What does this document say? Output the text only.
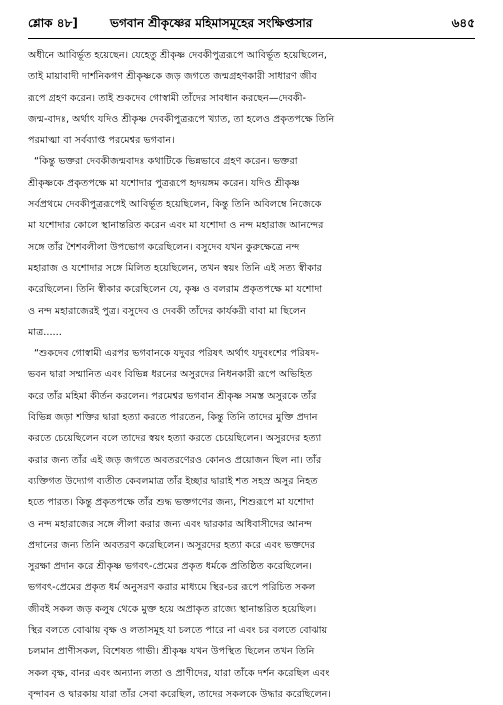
শ্লোক ৪৮]	ভগবান শ্রীকৃষ্ণের মহিমাসমূহের সংক্ষিপ্তসার	৬৪৫
অধীনে আবির্ভূত হয়েছেন। যেহেতু শ্রীকৃষ্ণ দেবকীপুত্ররূপে আবির্ভূত হয়েছিলেন,
তাই মায়াবাদী দার্শনিকগণ শ্রীকৃষ্ণকে জড় জগতে জন্মগ্রহণকারী সাধারণ জীব
রূপে গ্রহণ করেন। তাই শুকদেব গোস্বামী তাঁদের সাবধান করছেন—দেবকী-
জন্ম-বাদঃ, অর্থাৎ যদিও শ্রীকৃষ্ণ দেবকীপুত্ররূপে খ্যাত, তা হলেও প্রকৃতপক্ষে তিনি
পরমাত্মা বা সর্বব্যাপ্ত পরমেশ্বর ভগবান।
“কিন্তু ভক্তরা দেবকীজন্মবাদঃ কথাটিকে ভিন্নভাবে গ্রহণ করেন। ভক্তরা
শ্রীকৃষ্ণকে প্রকৃতপক্ষে মা যশোদার পুত্ররূপে হৃদয়ঙ্গম করেন। যদিও শ্রীকৃষ্ণ
সর্বপ্রথমে দেবকীপুত্ররূপেই আবির্ভূত হয়েছিলেন, কিন্তু তিনি অবিলম্বে নিজেকে
মা যশোদার কোলে স্থানান্তরিত করেন এবং মা যশোদা ও নন্দ মহারাজ আনন্দের
সঙ্গে তাঁর শৈশবলীলা উপভোগ করেছিলেন। বসুদেব যখন কুরুক্ষেত্রে নন্দ
মহারাজ ও যশোদার সঙ্গে মিলিত হয়েছিলেন, তখন স্বয়ং তিনি এই সত্য স্বীকার
করেছিলেন। তিনি স্বীকার করেছিলেন যে, কৃষ্ণ ও বলরাম প্রকৃতপক্ষে মা যশোদা
ও নন্দ মহারাজেরই পুত্র। বসুদেব ও দেবকী তাঁদের কার্যকরী বাবা মা ছিলেন
মাত্র......
“শুকদেব গোস্বামী এরপর ভগবানকে যদুবর পরিষৎ অর্থাৎ যদুবংশের পরিষদ-
ভবন দ্বারা সম্মানিত এবং বিভিন্ন ধরনের অসুরদের নিধনকারী রূপে অভিহিত
করে তাঁর মহিমা কীর্তন করলেন। পরমেশ্বর ভগবান শ্রীকৃষ্ণ সমস্ত অসুরকে তাঁর
বিভিন্ন জড়া শক্তির দ্বারা হত্যা করতে পারতেন, কিন্তু তিনি তাদের মুক্তি প্রদান
করতে চেয়েছিলেন বলে তাদের স্বয়ং হত্যা করতে চেয়েছিলেন। অসুরদের হত্যা
করার জন্য তাঁর এই জড় জগতে অবতরণেরও কোনও প্রয়োজন ছিল না। তাঁর
ব্যক্তিগত উদ্যোগ ব্যতীত কেবলমাত্র তাঁর ইচ্ছার দ্বারাই শত সহস্র অসুর নিহত
হতে পারত। কিন্তু প্রকৃতপক্ষে তাঁর শুদ্ধ ভক্তগণের জন্য, শিশুরূপে মা যশোদা
ও নন্দ মহারাজের সঙ্গে লীলা করার জন্য এবং দ্বারকার অধিবাসীদের আনন্দ
প্রদানের জন্য তিনি অবতরণ করেছিলেন। অসুরদের হত্যা করে এবং ভক্তদের
সুরক্ষা প্রদান করে শ্রীকৃষ্ণ ভগবৎ-প্রেমের প্রকৃত ধর্মকে প্রতিষ্ঠিত করেছিলেন।
ভগবৎ-প্রেমের প্রকৃত ধর্ম অনুসরণ করার মাধ্যমে স্থির-চর রূপে পরিচিত সকল
জীবই সকল জড় কলুষ থেকে মুক্ত হয়ে অপ্রাকৃত রাজ্যে স্থানান্তরিত হয়েছিল।
স্থির বলতে বোঝায় বৃক্ষ ও লতাসমূহ যা চলতে পারে না এবং চর বলতে বোঝায়
চলমান প্রাণীসকল, বিশেষত গাভী। শ্রীকৃষ্ণ যখন উপস্থিত ছিলেন তখন তিনি
সকল বৃক্ষ, বানর এবং অন্যান্য লতা ও প্রাণীদের, যারা তাঁকে দর্শন করেছিল এবং
বৃন্দাবন ও দ্বারকায় যারা তাঁর সেবা করেছিল, তাদের সকলকে উদ্ধার করেছিলেন।
